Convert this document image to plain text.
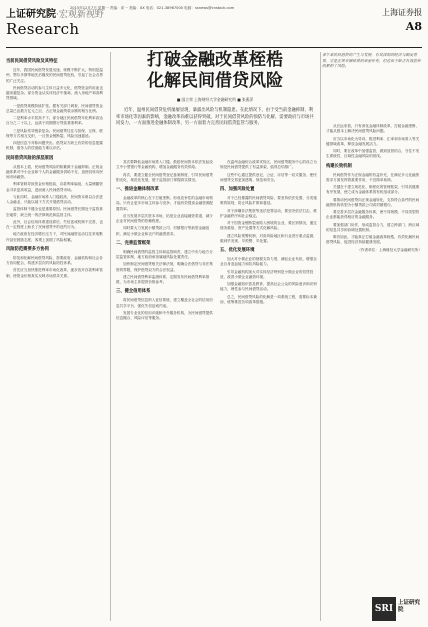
上证研究院·宏观新视野
2015年12月7日 星期一 责编：邓一 美编：XX 电话：021-38967000 电邮：ssnews@cnstock.com	上海证券报
Research	A8
打破金融改革桎梏
化解民间借贷风险
■ 国立荣 上海财经大学金融研究所 ■ 张燕萍

近年，温州民间借贷危机屡屡显现，暴露出风险与机制隐患。在此情况下，由于受当前金融抑制、利率市场化等因素的影响，金融改革尚难以获得突破。对于民间借贷风险的预防与化解，需要政府与市场共同发力，一方面推进金融体制改革，另一方面着力完善民间借贷监管与服务。

多年来民间借贷的产生与发展，有其深刻的经济与制度背景，它是正规金融体系的重要补充，但也由于缺乏有效监管而累积了风险。

当前民间借贷风险及其特征

近年，我国民间借贷发展迅速，规模不断扩大。特别是温州、鄂尔多斯等地先后爆发的民间借贷危机，引起了社会各界的广泛关注。

民间借贷活动的参与主体日益多元化，借贷资金的用途也越来越复杂。部分资金从实体经济中抽离，流入房地产和高利贷领域。

一是借贷规模持续扩张。据有关部门调查，民间借贷资金总量已达数万亿元之巨，占正规金融贷款余额的相当比例。

二是利率水平居高不下。部分地区民间借贷年化利率高达百分之二十以上，远高于同期银行贷款基准利率。

三是风险传导链条复杂。民间借贷往往与担保、互保、联保等方式相互交织，一旦资金链断裂，风险迅速蔓延。

四是信息不对称问题突出。借贷双方缺乏有效的信息披露机制，债务人的偿债能力难以评估。

民间借贷风险的深层原因

从根本上看，民间借贷风险的积累源于金融抑制。正规金融体系对中小企业和个人的金融服务供给不足，迫使其转向民间市场融资。

利率管制导致资金价格扭曲，存款利率偏低，大量储蓄资金寻求更高收益，进而流入民间借贷市场。

与此同时，金融市场准入门槛较高，民间资本难以合法进入金融业，只能以地下方式开展借贷活动。

监管体制不健全也是重要原因。民间借贷长期处于监管真空地带，缺乏统一的法律规范和监管主体。

此外，社会信用体系建设滞后，失信惩戒机制不完善，也在一定程度上助长了民间借贷中的违约行为。

地方政府在经济增长压力下，对民间融资活动往往采取默许甚至鼓励态度，客观上加剧了风险积累。

风险防范需要多方协同

防范和化解民间借贷风险，需要政府、金融机构和社会各方协同配合，构建多层次的风险防控体系。

首先应当加快推进利率市场化改革，逐步放开存款利率管制，使资金价格真实反映市场供求关系。

其次要降低金融市场准入门槛，鼓励民间资本依法发起设立中小型银行等金融机构，增加金融服务有效供给。

再次，要建立健全民间借贷登记备案制度，引导民间借贷阳光化、规范化发展，便于监管部门掌握真实情况。

一、推进金融体制改革

金融改革的核心在于打破垄断，形成竞争性的金融市场格局。只有让更多市场主体参与竞争，才能有效提高金融资源配置效率。

应当发展多层次资本市场，拓宽企业直接融资渠道，减少企业对民间借贷的依赖程度。

同时要大力发展小额贷款公司、村镇银行等新型金融组织，满足小微企业和农户的融资需求。

二、完善监管框架

明确民间借贷的监管主体和监管职责，建立中央与地方分层监管体制，地方政府承担属地风险处置责任。

加快制定民间借贷相关法律法规，明确合法借贷与非法集资的界限，保护借贷双方的合法权益。

建立民间借贷利率监测体系，定期发布民间借贷利率指数，为市场主体提供价格参考。

三、健全信用体系

将民间借贷信息纳入征信系统，建立覆盖全社会的信用信息共享平台，强化失信惩戒约束。

发展专业化的信用评级和中介服务机构，为民间借贷提供信息撮合、风险评估等服务。

在温州金融综合改革试验区，民间借贷服务中心的设立为规范民间借贷提供了有益探索，值得总结推广。

这些中心通过提供登记、公证、评估等一站式服务，使民间借贷交易更加透明、规范和安全。

四、加强风险处置

对于已经暴露的民间借贷风险，要坚持依法处置、分类施策的原则，防止风险扩散和蔓延。

对于涉嫌非法集资等违法犯罪活动，要坚决依法打击，维护金融秩序和社会稳定。

对于因资金链断裂而陷入困境的企业，要区别情况，通过债务重组、资产处置等方式化解风险。

建立风险预警机制，对高风险地区和行业进行重点监测，做到早发现、早预警、早处置。

五、优化发展环境

加大对小微企业的财税支持力度，减轻企业负担，增强企业自身造血能力和抗风险能力。

引导金融机构加大对实体经济特别是小微企业的信贷投放，改善小微企业融资环境。

加强金融知识普及教育，提高社会公众的风险意识和识别能力，理性参与民间借贷活动。

总之，民间借贷风险的化解是一项系统工程，需要标本兼治，统筹推进各项改革措施。

从长远来看，只有深化金融体制改革，打破金融垄断，才能从根本上解决民间借贷风险问题。

应当以市场化为导向，推进利率、汇率和市场准入等关键领域改革，释放金融发展活力。

同时，要在改革中加强监管，做到放管结合，守住不发生系统性、区域性金融风险的底线。

构建长效机制

民间借贷作为正规金融的有益补充，在满足多元化融资需求方面发挥着重要作用，不宜简单取缔。

关键在于建立规范化、制度化的管理框架，引导其健康有序发展，使之成为金融体系的有机组成部分。

要推动民间借贷向正规金融转化，支持符合条件的民间融资机构转型为小额贷款公司或村镇银行。

要完善多层次金融服务体系，使不同规模、不同类型的企业都能获得相应的金融服务。

要加强部门协作，形成监管合力，建立跨部门、跨区域的信息共享和协调处置机制。

唯有如此，才能真正打破金融改革桎梏，有效化解民间借贷风险，促进经济持续健康发展。

（作者单位：上海财经大学金融研究所）

SRI
上证研究院
